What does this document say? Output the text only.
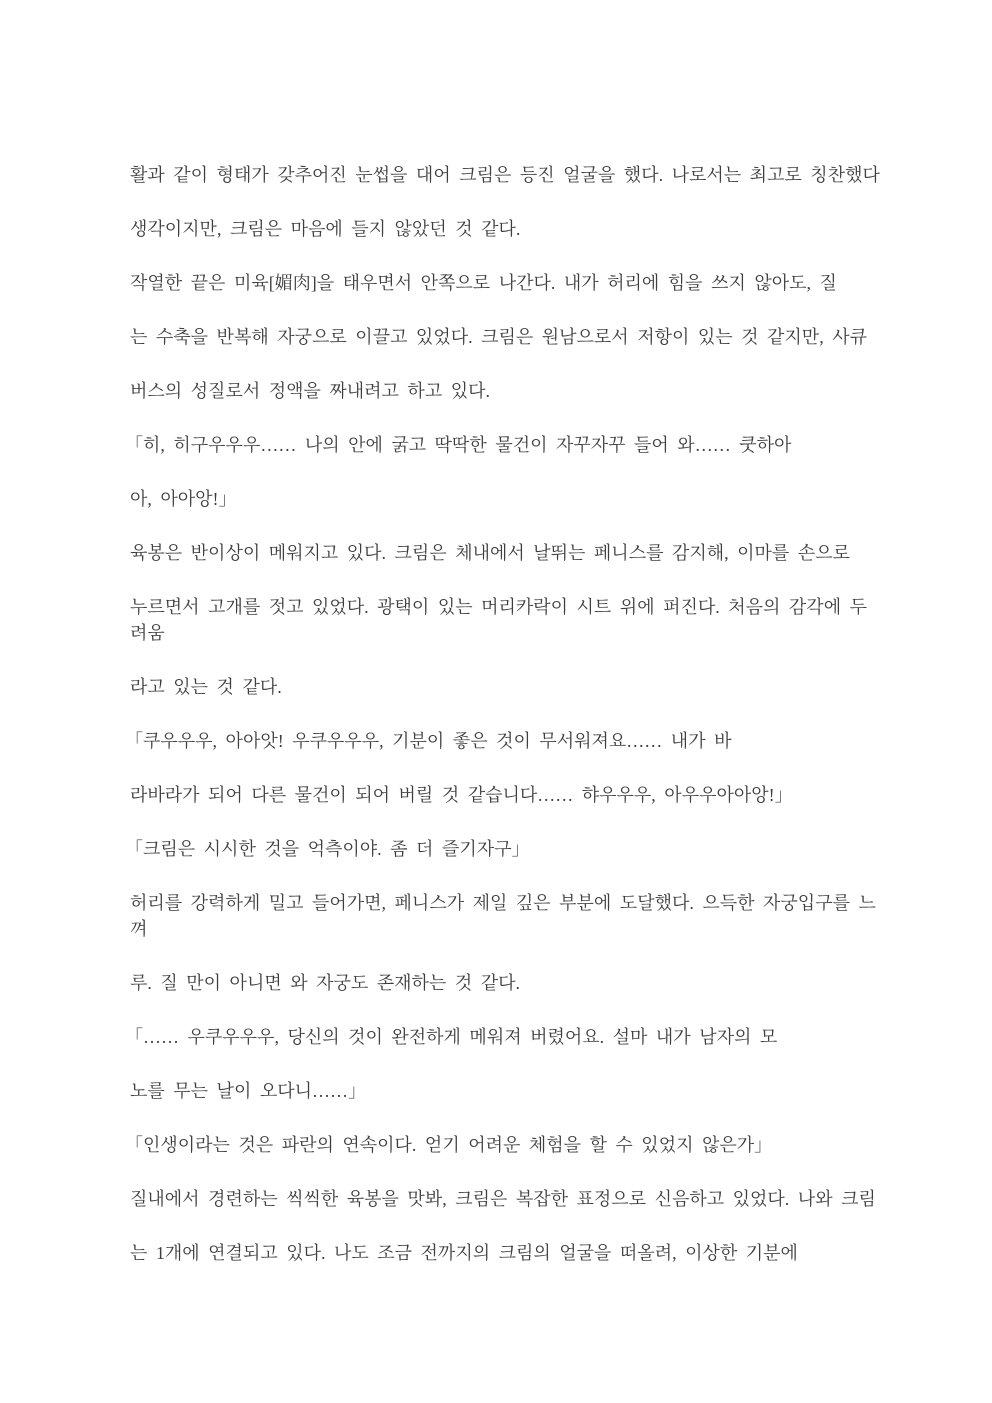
활과 같이 형태가 갖추어진 눈썹을 대어 크림은 등진 얼굴을 했다. 나로서는 최고로 칭찬했다
생각이지만, 크림은 마음에 들지 않았던 것 같다.
작열한 끝은 미육[媚肉]을 태우면서 안쪽으로 나간다. 내가 허리에 힘을 쓰지 않아도, 질
는 수축을 반복해 자궁으로 이끌고 있었다. 크림은 원남으로서 저항이 있는 것 같지만, 사큐
버스의 성질로서 정액을 짜내려고 하고 있다.
「히, 히구우우우…… 나의 안에 굵고 딱딱한 물건이 자꾸자꾸 들어 와…… 쿳하아
아, 아아앙!」
육봉은 반이상이 메워지고 있다. 크림은 체내에서 날뛰는 페니스를 감지해, 이마를 손으로
누르면서 고개를 젓고 있었다. 광택이 있는 머리카락이 시트 위에 퍼진다. 처음의 감각에 두
려움
라고 있는 것 같다.
「쿠우우우, 아아앗! 우쿠우우우, 기분이 좋은 것이 무서워져요…… 내가 바
라바라가 되어 다른 물건이 되어 버릴 것 같습니다…… 햐우우우, 아우우아아앙!」
「크림은 시시한 것을 억측이야. 좀 더 즐기자구」
허리를 강력하게 밀고 들어가면, 페니스가 제일 깊은 부분에 도달했다. 으득한 자궁입구를 느
껴
루. 질 만이 아니면 와 자궁도 존재하는 것 같다.
「…… 우쿠우우우, 당신의 것이 완전하게 메워져 버렸어요. 설마 내가 남자의 모
노를 무는 날이 오다니……」
「인생이라는 것은 파란의 연속이다. 얻기 어려운 체험을 할 수 있었지 않은가」
질내에서 경련하는 씩씩한 육봉을 맛봐, 크림은 복잡한 표정으로 신음하고 있었다. 나와 크림
는 1개에 연결되고 있다. 나도 조금 전까지의 크림의 얼굴을 떠올려, 이상한 기분에
